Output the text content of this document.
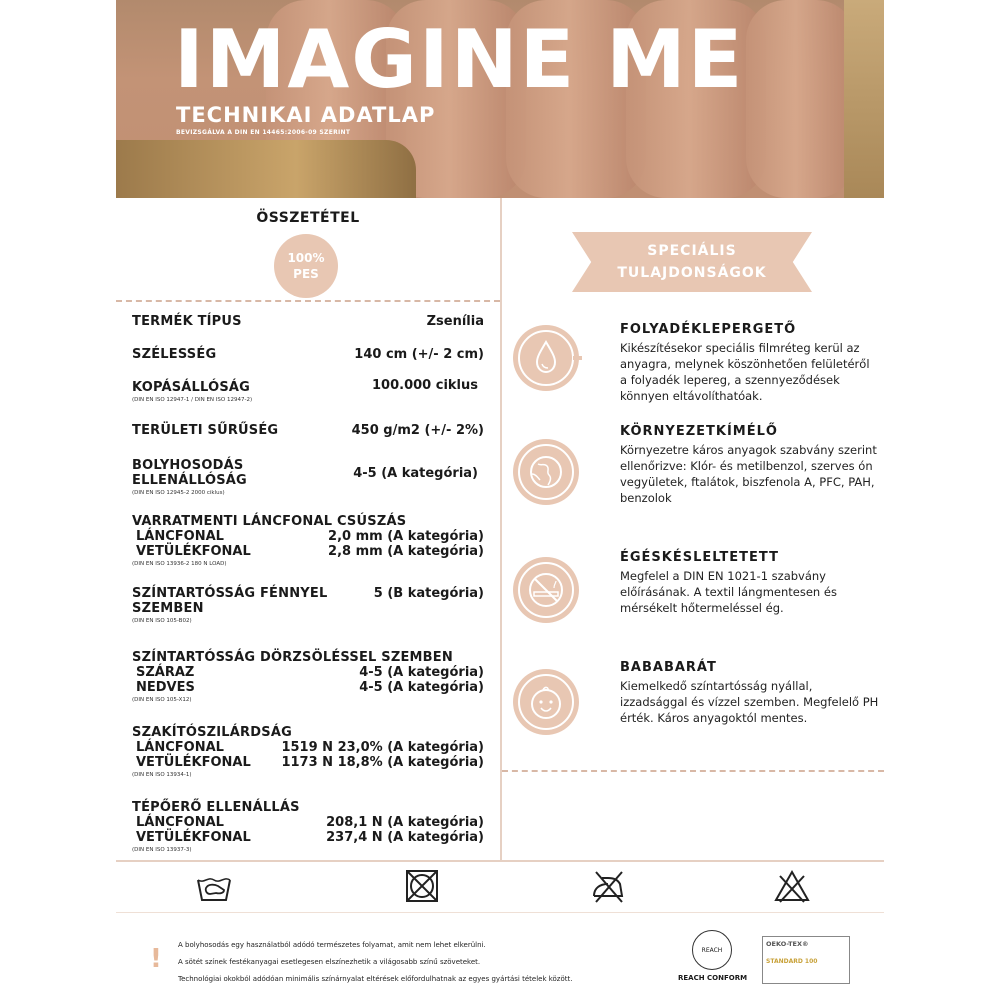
IMAGINE ME
TECHNIKAI ADATLAP
BEVIZSGÁLVA A DIN EN 14465:2006-09 SZERINT
ÖSSZETÉTEL
100%
PES
TERMÉK TÍPUS	Zsenília
SZÉLESSÉG	140 cm (+/- 2 cm)
KOPÁSÁLLÓSÁG	100.000 ciklus
(DIN EN ISO 12947-1 / DIN EN ISO 12947-2)
TERÜLETI SŰRŰSÉG	450 g/m2 (+/- 2%)
BOLYHOSODÁS
ELLENÁLLÓSÁG	4-5 (A kategória)
(DIN EN ISO 12945-2 2000 ciklus)
VARRATMENTI LÁNCFONAL CSÚSZÁS
LÁNCFONAL	2,0 mm (A kategória)
VETÜLÉKFONAL	2,8 mm (A kategória)
(DIN EN ISO 13936-2 180 N LOAD)
SZÍNTARTÓSSÁG FÉNNYEL
SZEMBEN
5 (B kategória)
(DIN EN ISO 105-B02)
SZÍNTARTÓSSÁG DÖRZSÖLÉSSEL SZEMBEN
SZÁRAZ	4-5 (A kategória)
NEDVES	4-5 (A kategória)
(DIN EN ISO 105-X12)
SZAKÍTÓSZILÁRDSÁG
LÁNCFONAL	1519 N 23,0% (A kategória)
VETÜLÉKFONAL 1173 N 18,8% (A kategória)
(DIN EN ISO 13934-1)
TÉPŐERŐ ELLENÁLLÁS
LÁNCFONAL	208,1 N (A kategória)
VETÜLÉKFONAL	237,4 N (A kategória)
(DIN EN ISO 13937-3)
SPECIÁLIS
TULAJDONSÁGOK
FOLYADÉKLEPERGETŐ
Kikészítésekor speciális filmréteg kerül az anyagra, melynek köszönhetően felületéről a folyadék lepereg, a szennyeződések könnyen eltávolíthatóak.
KÖRNYEZETKÍMÉLŐ
Környezetre káros anyagok szabvány szerint ellenőrizve: Klór- és metilbenzol, szerves ón vegyületek, ftalátok, biszfenola A, PFC, PAH, benzolok
ÉGÉSKÉSLELTETETT
Megfelel a DIN EN 1021-1 szabvány előírásának. A textil lángmentesen és mérsékelt hőtermeléssel ég.
BABABARÁT
Kiemelkedő színtartósság nyállal, izzadsággal és vízzel szemben. Megfelelő PH érték. Káros anyagoktól mentes.
! A bolyhosodás egy használatból adódó természetes folyamat, amit nem lehet elkerülni.
A sötét színek festékanyagai esetlegesen elszínezhetik a világosabb színű szöveteket.
Technológiai okokból adódóan minimális színárnyalat eltérések előfordulhatnak az egyes gyártási tételek között.
REACH
REACH CONFORM
OEKO-TEX®
STANDARD 100
